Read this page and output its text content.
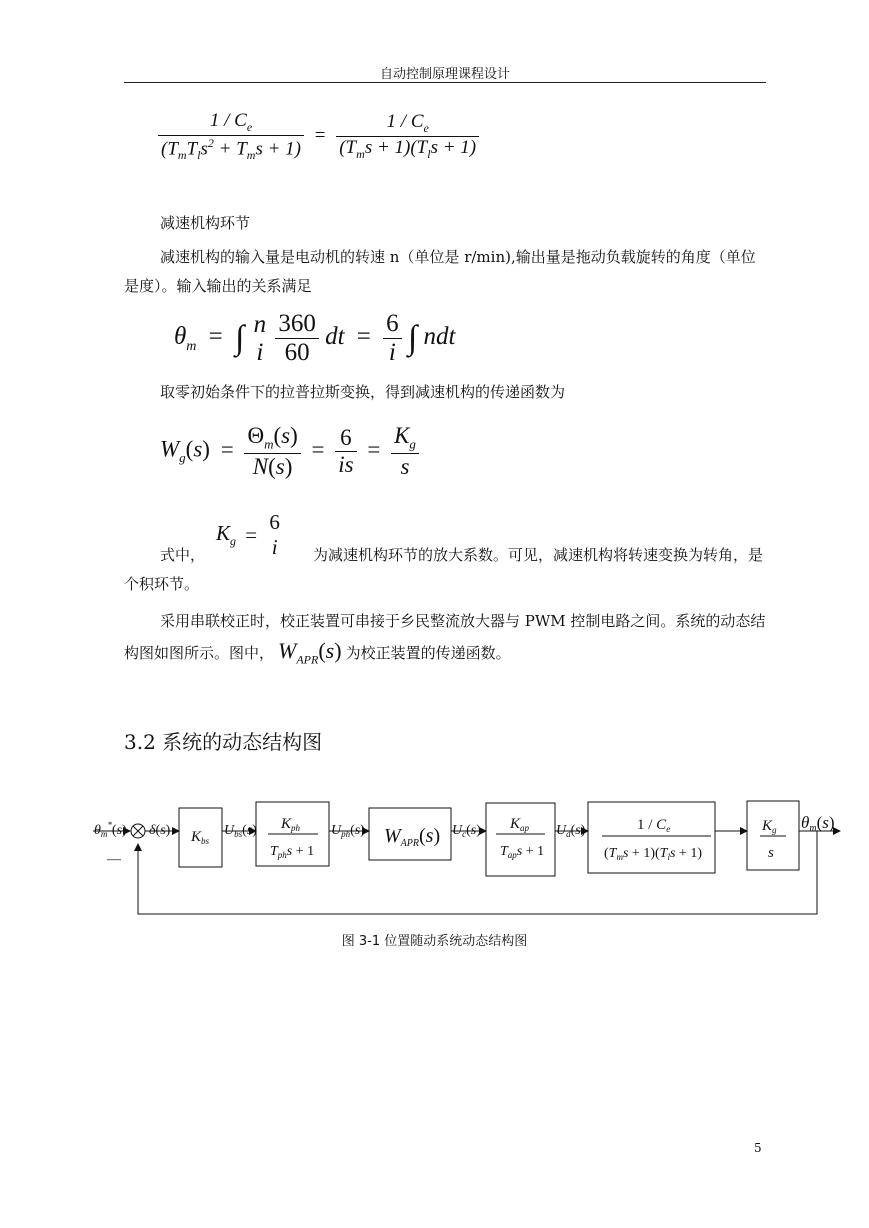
自动控制原理课程设计
$\frac{1 / C_e}{(T_mT_ls^2 + T_ms + 1)} = \frac{1 / C_e}{(T_ms + 1)(T_ls + 1)}$
减速机构环节
减速机构的输入量是电动机的转速 n（单位是 r/min),输出量是拖动负载旋转的角度（单位是度）。输入输出的关系满足
$\theta_m$ = ∫ n
i
$\frac{360}{60}$ dt = $\frac{6}{i}$ ∫ ndt
取零初始条件下的拉普拉斯变换，得到减速机构的传递函数为
$W_g(s) = \frac{\Theta_m(s)}{N(s)} = \frac{6}{is} = \frac{K_g}{s}$
$K_g$ =
6
i
式中，	为减速机构环节的放大系数。可见，减速机构将转速变换为转角，是个积环节。
采用串联校正时，校正装置可串接于乡民整流放大器与 PWM 控制电路之间。系统的动态结构图如图所示。图中， $W_{APR}(s)$ 为校正装置的传递函数。
3.2 系统的动态结构图
$\theta_m^*(s)$ δ(s)
—
$U_{bs}(s)$	$U_{ph}(s)$	$U_c(s)$	$U_d(s)$	θm(s)
$K_{bs}$
$K_{ph}$
$T_{ph}s + 1$
$W_{APR}(s)$
$K_{ap}$
$T_{ap}s + 1$
$1 / C_e$
$(T_ms + 1)(T_ls + 1)$
$K_g$
s
图 3-1 位置随动系统动态结构图
5
